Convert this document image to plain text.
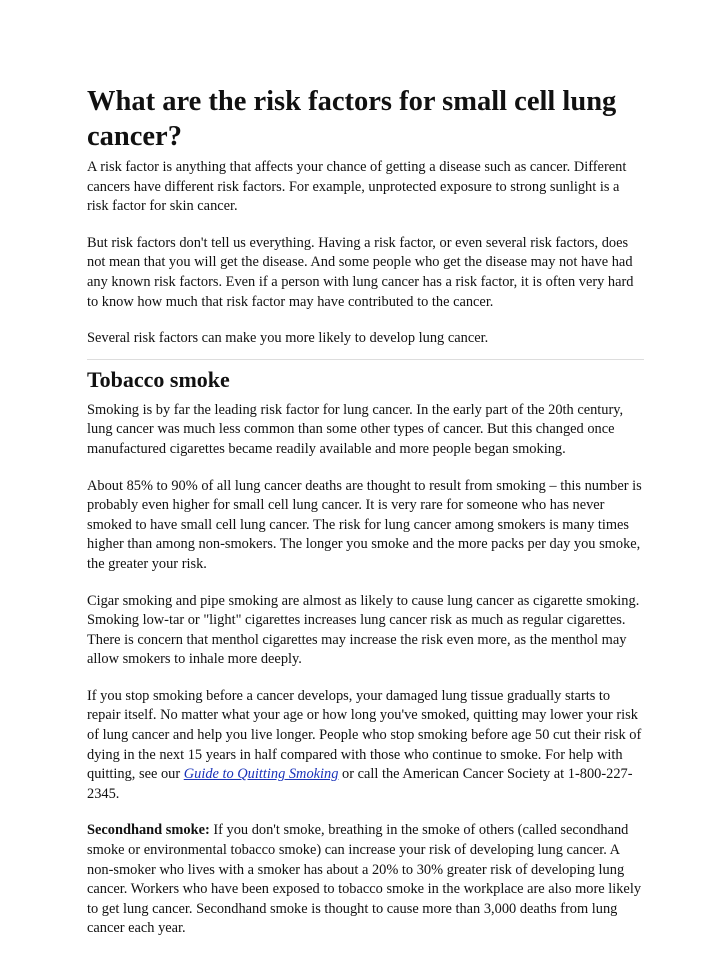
What are the risk factors for small cell lung cancer?

A risk factor is anything that affects your chance of getting a disease such as cancer. Different cancers have different risk factors. For example, unprotected exposure to strong sunlight is a risk factor for skin cancer.

But risk factors don't tell us everything. Having a risk factor, or even several risk factors, does not mean that you will get the disease. And some people who get the disease may not have had any known risk factors. Even if a person with lung cancer has a risk factor, it is often very hard to know how much that risk factor may have contributed to the cancer.

Several risk factors can make you more likely to develop lung cancer.

Tobacco smoke

Smoking is by far the leading risk factor for lung cancer. In the early part of the 20th century, lung cancer was much less common than some other types of cancer. But this changed once manufactured cigarettes became readily available and more people began smoking.

About 85% to 90% of all lung cancer deaths are thought to result from smoking – this number is probably even higher for small cell lung cancer. It is very rare for someone who has never smoked to have small cell lung cancer. The risk for lung cancer among smokers is many times higher than among non-smokers. The longer you smoke and the more packs per day you smoke, the greater your risk.

Cigar smoking and pipe smoking are almost as likely to cause lung cancer as cigarette smoking. Smoking low-tar or "light" cigarettes increases lung cancer risk as much as regular cigarettes. There is concern that menthol cigarettes may increase the risk even more, as the menthol may allow smokers to inhale more deeply.

If you stop smoking before a cancer develops, your damaged lung tissue gradually starts to repair itself. No matter what your age or how long you've smoked, quitting may lower your risk of lung cancer and help you live longer. People who stop smoking before age 50 cut their risk of dying in the next 15 years in half compared with those who continue to smoke. For help with quitting, see our Guide to Quitting Smoking or call the American Cancer Society at 1-800-227-2345.

Secondhand smoke: If you don't smoke, breathing in the smoke of others (called secondhand smoke or environmental tobacco smoke) can increase your risk of developing lung cancer. A non-smoker who lives with a smoker has about a 20% to 30% greater risk of developing lung cancer. Workers who have been exposed to tobacco smoke in the workplace are also more likely to get lung cancer. Secondhand smoke is thought to cause more than 3,000 deaths from lung cancer each year.
